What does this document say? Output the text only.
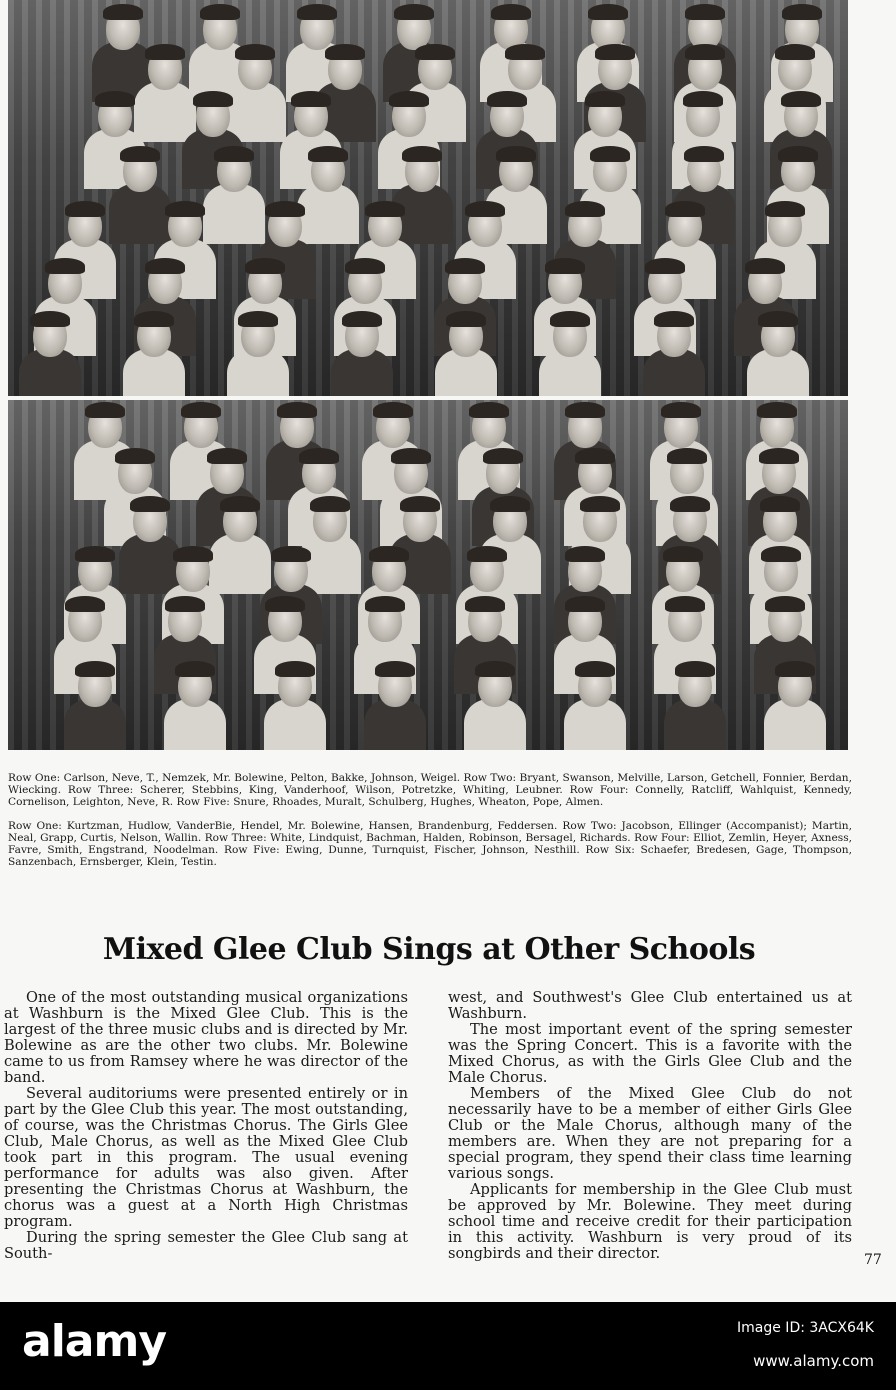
Row One: Carlson, Neve, T., Nemzek, Mr. Bolewine, Pelton, Bakke, Johnson, Weigel. Row Two: Bryant, Swanson, Melville, Larson, Getchell, Fonnier, Berdan, Wiecking. Row Three: Scherer, Stebbins, King, Vanderhoof, Wilson, Potretzke, Whiting, Leubner. Row Four: Connelly, Ratcliff, Wahlquist, Kennedy, Cornelison, Leighton, Neve, R. Row Five: Snure, Rhoades, Muralt, Schulberg, Hughes, Wheaton, Pope, Almen.
Row One: Kurtzman, Hudlow, VanderBie, Hendel, Mr. Bolewine, Hansen, Brandenburg, Feddersen. Row Two: Jacobson, Ellinger (Accompanist); Martin, Neal, Grapp, Curtis, Nelson, Wallin. Row Three: White, Lindquist, Bachman, Halden, Robinson, Bersagel, Richards. Row Four: Elliot, Zemlin, Heyer, Axness, Favre, Smith, Engstrand, Noodelman. Row Five: Ewing, Dunne, Turnquist, Fischer, Johnson, Nesthill. Row Six: Schaefer, Bredesen, Gage, Thompson, Sanzenbach, Ernsberger, Klein, Testin.
Mixed Glee Club Sings at Other Schools

One of the most outstanding musical organizations at Washburn is the Mixed Glee Club. This is the largest of the three music clubs and is directed by Mr. Bolewine as are the other two clubs. Mr. Bolewine came to us from Ramsey where he was director of the band.

Several auditoriums were presented entirely or in part by the Glee Club this year. The most outstanding, of course, was the Christmas Chorus. The Girls Glee Club, Male Chorus, as well as the Mixed Glee Club took part in this program. The usual evening performance for adults was also given. After presenting the Christmas Chorus at Washburn, the chorus was a guest at a North High Christmas program.

During the spring semester the Glee Club sang at South-

west, and Southwest's Glee Club entertained us at Washburn.

The most important event of the spring semester was the Spring Concert. This is a favorite with the Mixed Chorus, as with the Girls Glee Club and the Male Chorus.

Members of the Mixed Glee Club do not necessarily have to be a member of either Girls Glee Club or the Male Chorus, although many of the members are. When they are not preparing for a special program, they spend their class time learning various songs.

Applicants for membership in the Glee Club must be approved by Mr. Bolewine. They meet during school time and receive credit for their participation in this activity. Washburn is very proud of its songbirds and their director.	77
alamy	Image ID: 3ACX64K
www.alamy.com
